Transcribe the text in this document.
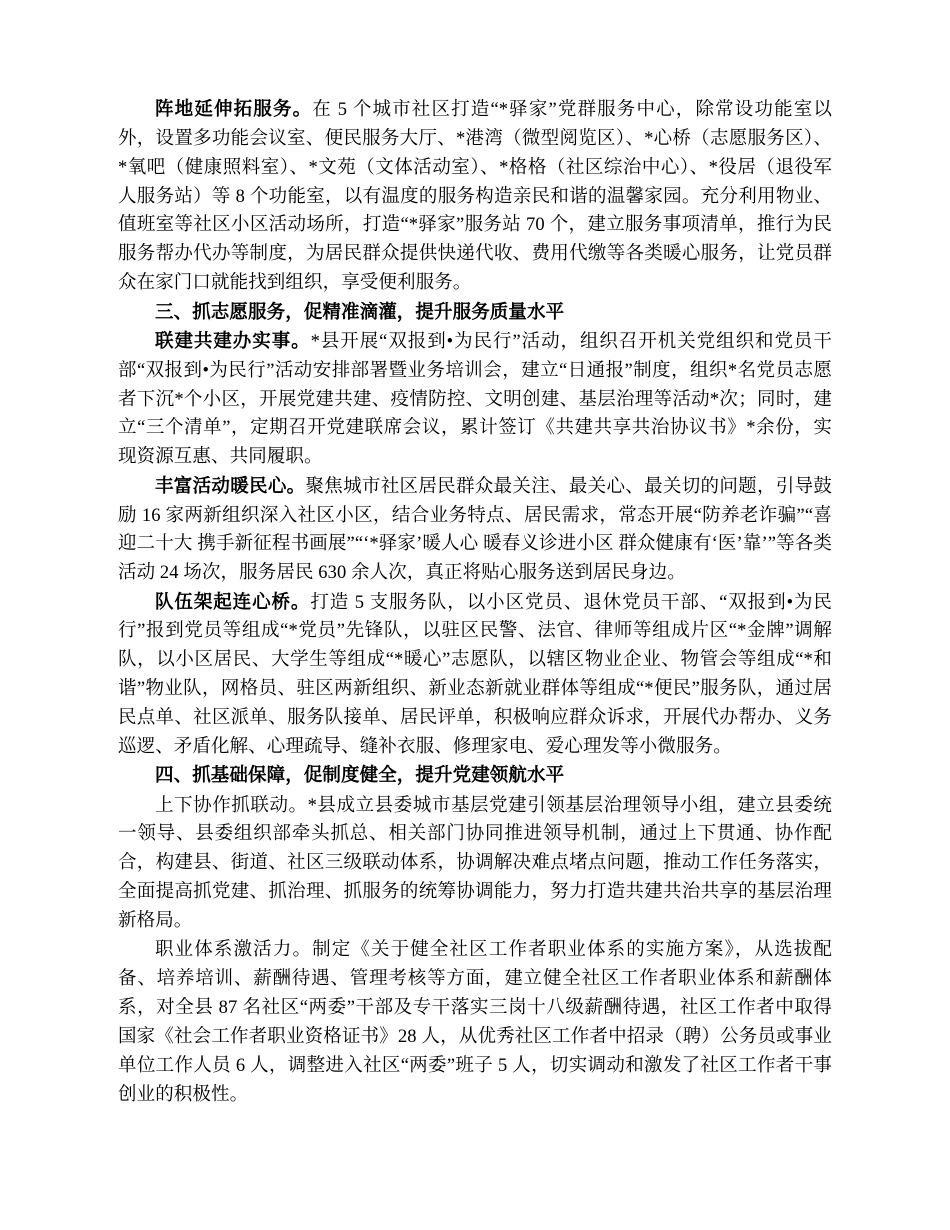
阵地延伸拓服务。在 5 个城市社区打造“*驿家”党群服务中心，除常设功能室以外，设置多功能会议室、便民服务大厅、*港湾（微型阅览区）、*心桥（志愿服务区）、*氧吧（健康照料室）、*文苑（文体活动室）、*格格（社区综治中心）、*役居（退役军人服务站）等 8 个功能室，以有温度的服务构造亲民和谐的温馨家园。充分利用物业、值班室等社区小区活动场所，打造“*驿家”服务站 70 个，建立服务事项清单，推行为民服务帮办代办等制度，为居民群众提供快递代收、费用代缴等各类暖心服务，让党员群众在家门口就能找到组织，享受便利服务。

三、抓志愿服务，促精准滴灌，提升服务质量水平

联建共建办实事。*县开展“双报到•为民行”活动，组织召开机关党组织和党员干部“双报到•为民行”活动安排部署暨业务培训会，建立“日通报”制度，组织*名党员志愿者下沉*个小区，开展党建共建、疫情防控、文明创建、基层治理等活动*次；同时，建立“三个清单”，定期召开党建联席会议，累计签订《共建共享共治协议书》*余份，实现资源互惠、共同履职。

丰富活动暖民心。聚焦城市社区居民群众最关注、最关心、最关切的问题，引导鼓励 16 家两新组织深入社区小区，结合业务特点、居民需求，常态开展“防养老诈骗”“喜迎二十大 携手新征程书画展”“‘*驿家’暖人心 暖春义诊进小区 群众健康有‘医’靠’”等各类活动 24 场次，服务居民 630 余人次，真正将贴心服务送到居民身边。

队伍架起连心桥。打造 5 支服务队，以小区党员、退休党员干部、“双报到•为民行”报到党员等组成“*党员”先锋队，以驻区民警、法官、律师等组成片区“*金牌”调解队，以小区居民、大学生等组成“*暖心”志愿队，以辖区物业企业、物管会等组成“*和谐”物业队，网格员、驻区两新组织、新业态新就业群体等组成“*便民”服务队，通过居民点单、社区派单、服务队接单、居民评单，积极响应群众诉求，开展代办帮办、义务巡逻、矛盾化解、心理疏导、缝补衣服、修理家电、爱心理发等小微服务。

四、抓基础保障，促制度健全，提升党建领航水平

上下协作抓联动。*县成立县委城市基层党建引领基层治理领导小组，建立县委统一领导、县委组织部牵头抓总、相关部门协同推进领导机制，通过上下贯通、协作配合，构建县、街道、社区三级联动体系，协调解决难点堵点问题，推动工作任务落实，全面提高抓党建、抓治理、抓服务的统筹协调能力，努力打造共建共治共享的基层治理新格局。

职业体系激活力。制定《关于健全社区工作者职业体系的实施方案》，从选拔配备、培养培训、薪酬待遇、管理考核等方面，建立健全社区工作者职业体系和薪酬体系，对全县 87 名社区“两委”干部及专干落实三岗十八级薪酬待遇，社区工作者中取得国家《社会工作者职业资格证书》28 人，从优秀社区工作者中招录（聘）公务员或事业单位工作人员 6 人，调整进入社区“两委”班子 5 人，切实调动和激发了社区工作者干事创业的积极性。
